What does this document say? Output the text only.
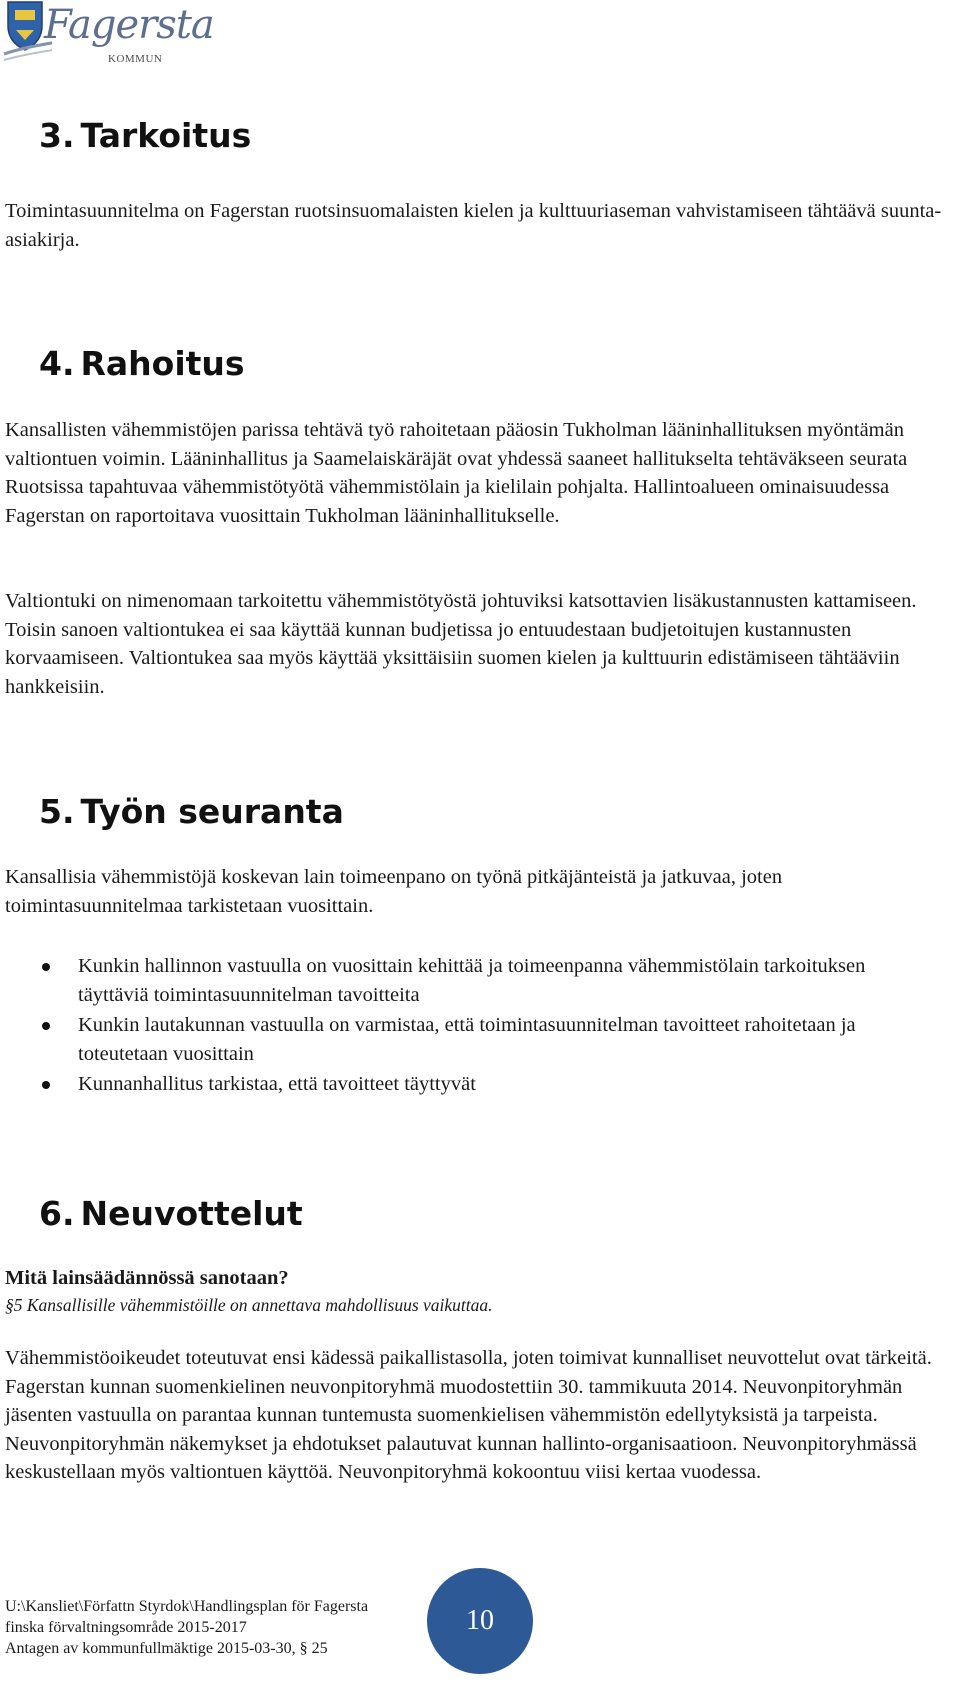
Fagersta
KOMMUN
3. Tarkoitus

Toimintasuunnitelma on Fagerstan ruotsinsuomalaisten kielen ja kulttuuriaseman vahvistamiseen tähtäävä suunta-asiakirja.

4. Rahoitus

Kansallisten vähemmistöjen parissa tehtävä työ rahoitetaan pääosin Tukholman lääninhallituksen myöntämän valtiontuen voimin. Lääninhallitus ja Saamelaiskäräjät ovat yhdessä saaneet hallitukselta tehtäväkseen seurata Ruotsissa tapahtuvaa vähemmistötyötä vähemmistölain ja kielilain pohjalta. Hallintoalueen ominaisuudessa Fagerstan on raportoitava vuosittain Tukholman lääninhallitukselle.

Valtiontuki on nimenomaan tarkoitettu vähemmistötyöstä johtuviksi katsottavien lisäkustannusten kattamiseen. Toisin sanoen valtiontukea ei saa käyttää kunnan budjetissa jo entuudestaan budjetoitujen kustannusten korvaamiseen. Valtiontukea saa myös käyttää yksittäisiin suomen kielen ja kulttuurin edistämiseen tähtääviin hankkeisiin.

5. Työn seuranta

Kansallisia vähemmistöjä koskevan lain toimeenpano on työnä pitkäjänteistä ja jatkuvaa, joten toimintasuunnitelmaa tarkistetaan vuosittain.

Kunkin hallinnon vastuulla on vuosittain kehittää ja toimeenpanna vähemmistölain tarkoituksen täyttäviä toimintasuunnitelman tavoitteita
Kunkin lautakunnan vastuulla on varmistaa, että toimintasuunnitelman tavoitteet rahoitetaan ja toteutetaan vuosittain
Kunnanhallitus tarkistaa, että tavoitteet täyttyvät
6. Neuvottelut

Mitä lainsäädännössä sanotaan?

§5 Kansallisille vähemmistöille on annettava mahdollisuus vaikuttaa.

Vähemmistöoikeudet toteutuvat ensi kädessä paikallistasolla, joten toimivat kunnalliset neuvottelut ovat tärkeitä. Fagerstan kunnan suomenkielinen neuvonpitoryhmä muodostettiin 30. tammikuuta 2014. Neuvonpitoryhmän jäsenten vastuulla on parantaa kunnan tuntemusta suomenkielisen vähemmistön edellytyksistä ja tarpeista. Neuvonpitoryhmän näkemykset ja ehdotukset palautuvat kunnan hallinto-organisaatioon. Neuvonpitoryhmässä keskustellaan myös valtiontuen käyttöä. Neuvonpitoryhmä kokoontuu viisi kertaa vuodessa.

U:\Kansliet\Författn Styrdok\Handlingsplan för Fagersta
finska förvaltningsområde 2015-2017
Antagen av kommunfullmäktige 2015-03-30, § 25
10
